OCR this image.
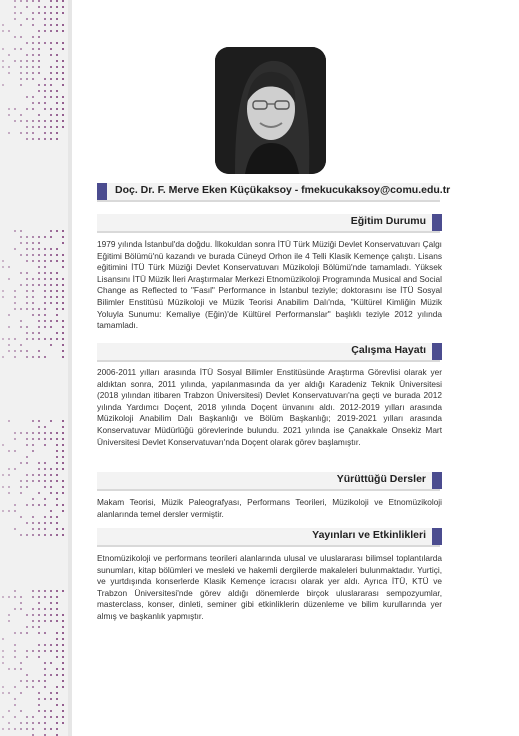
Doç. Dr. F. Merve Eken Küçükaksoy - fmekucukaksoy@comu.edu.tr
Eğitim Durumu

1979 yılında İstanbul'da doğdu. İlkokuldan sonra İTÜ Türk Müziği Devlet Konservatuvarı Çalgı Eğitimi Bölümü'nü kazandı ve burada Cüneyd Orhon ile 4 Telli Klasik Kemençe çalıştı. Lisans eğitimini İTÜ Türk Müziği Devlet Konservatuvarı Müzikoloji Bölümü'nde tamamladı. Yüksek Lisansını İTÜ Müzik İleri Araştırmalar Merkezi Etnomüzikoloji Programında Musical and Social Change as Reflected to "Fasıl" Performance in İstanbul teziyle; doktorasını ise İTÜ Sosyal Bilimler Enstitüsü Müzikoloji ve Müzik Teorisi Anabilim Dalı'nda, "Kültürel Kimliğin Müzik Yoluyla Sunumu: Kemaliye (Eğin)'de Kültürel Performanslar" başlıklı teziyle 2012 yılında tamamladı.

Çalışma Hayatı

2006-2011 yılları arasında İTÜ Sosyal Bilimler Enstitüsünde Araştırma Görevlisi olarak yer aldıktan sonra, 2011 yılında, yapılanmasında da yer aldığı Karadeniz Teknik Üniversitesi (2018 yılından itibaren Trabzon Üniversitesi) Devlet Konservatuvarı'na geçti ve burada 2012 yılında Yardımcı Doçent, 2018 yılında Doçent ünvanını aldı. 2012-2019 yılları arasında Müzikoloji Anabilim Dalı Başkanlığı ve Bölüm Başkanlığı; 2019-2021 yılları arasında Konservatuvar Müdürlüğü görevlerinde bulundu. 2021 yılında ise Çanakkale Onsekiz Mart Üniversitesi Devlet Konservatuvarı'nda Doçent olarak görev başlamıştır.

Yürüttüğü Dersler

Makam Teorisi, Müzik Paleografyası, Performans Teorileri, Müzikoloji ve Etnomüzikoloji alanlarında temel dersler vermiştir.

Yayınları ve Etkinlikleri

Etnomüzikoloji ve performans teorileri alanlarında ulusal ve uluslararası bilimsel toplantılarda sunumları, kitap bölümleri ve mesleki ve hakemli dergilerde makaleleri bulunmaktadır. Yurtiçi, ve yurtdışında konserlerde Klasik Kemençe icracısı olarak yer aldı. Ayrıca İTÜ, KTÜ ve Trabzon Üniversitesi'nde görev aldığı dönemlerde birçok uluslararası sempozyumlar, masterclass, konser, dinleti, seminer gibi etkinliklerin düzenleme ve bilim kurullarında yer almış ve başkanlık yapmıştır.
